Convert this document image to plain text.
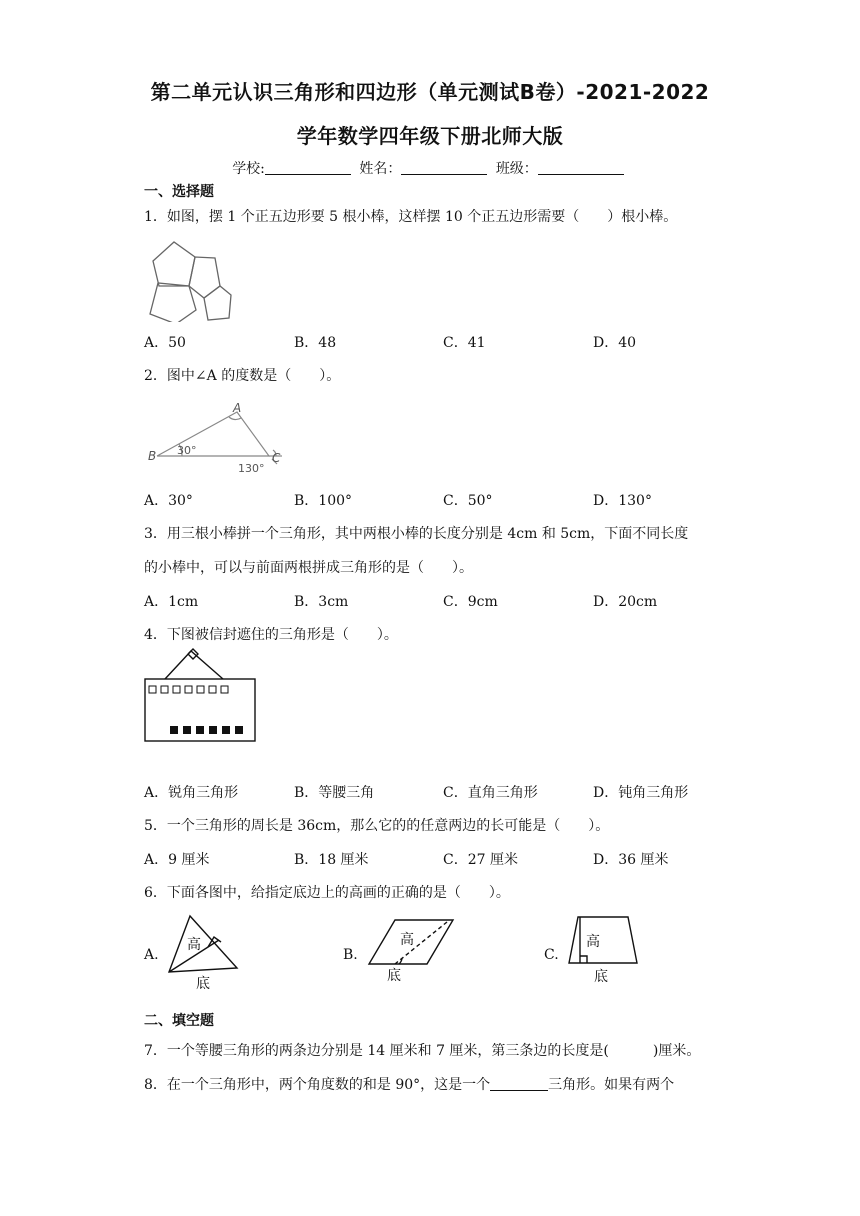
第二单元认识三角形和四边形（单元测试B卷）-2021-2022
学年数学四年级下册北师大版
学校:	姓名：	班级：
一、选择题
1．如图，摆 1 个正五边形要 5 根小棒，这样摆 10 个正五边形需要（　　）根小棒。
A．50	B．48	C．41	D．40
2．图中∠A 的度数是（　　）。
A
B	C
30°
130°
A．30°	B．100°	C．50°	D．130°
3．用三根小棒拼一个三角形，其中两根小棒的长度分别是 4cm 和 5cm，下面不同长度
的小棒中，可以与前面两根拼成三角形的是（　　）。
A．1cm	B．3cm	C．9cm	D．20cm
4．下图被信封遮住的三角形是（　　）。
A．锐角三角形	B．等腰三角	C．直角三角形	D．钝角三角形
5．一个三角形的周长是 36cm，那么它的的任意两边的长可能是（　　）。
A．9 厘米	B．18 厘米	C．27 厘米	D．36 厘米
6．下面各图中，给指定底边上的高画的正确的是（　　）。
A.
高
底
B.
高
底
C.
高
底
二、填空题
7．一个等腰三角形的两条边分别是 14 厘米和 7 厘米，第三条边的长度是(	)厘米。
8．在一个三角形中，两个角度数的和是 90°，这是一个	三角形。如果有两个
